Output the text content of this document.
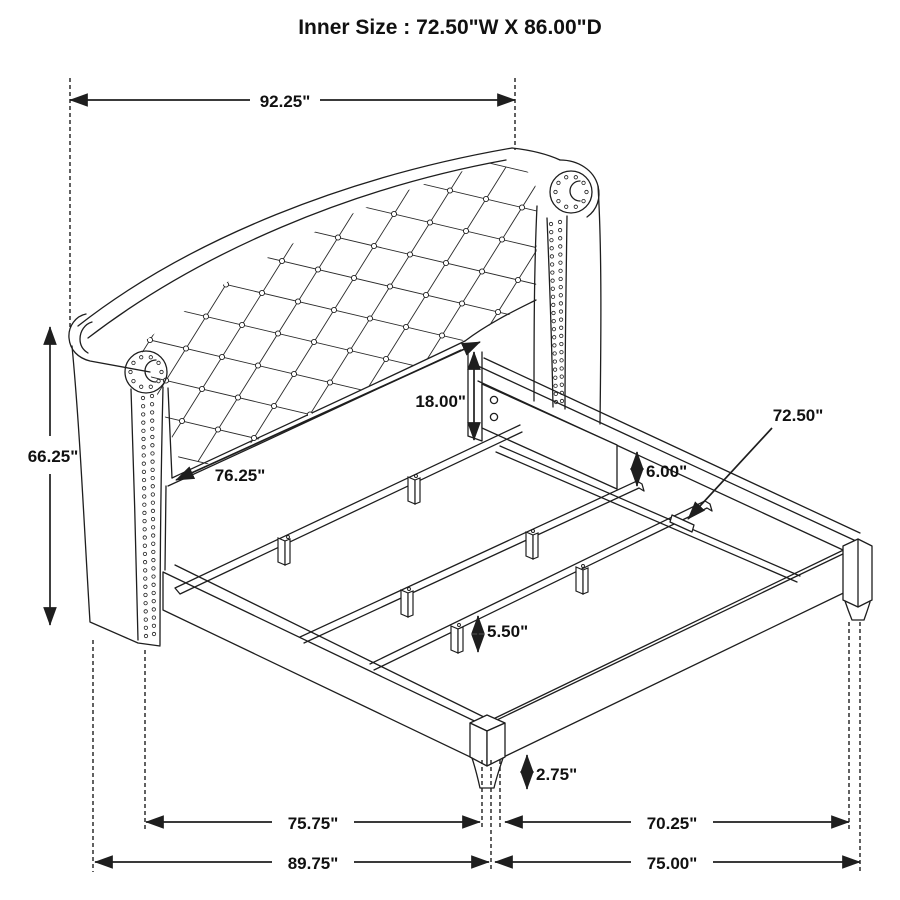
Inner Size : 72.50"W X 86.00"D
92.25"
66.25"
18.00"
76.25"	6.00"
72.50"
5.50"
2.75"
75.75"	70.25"
89.75"	75.00"
